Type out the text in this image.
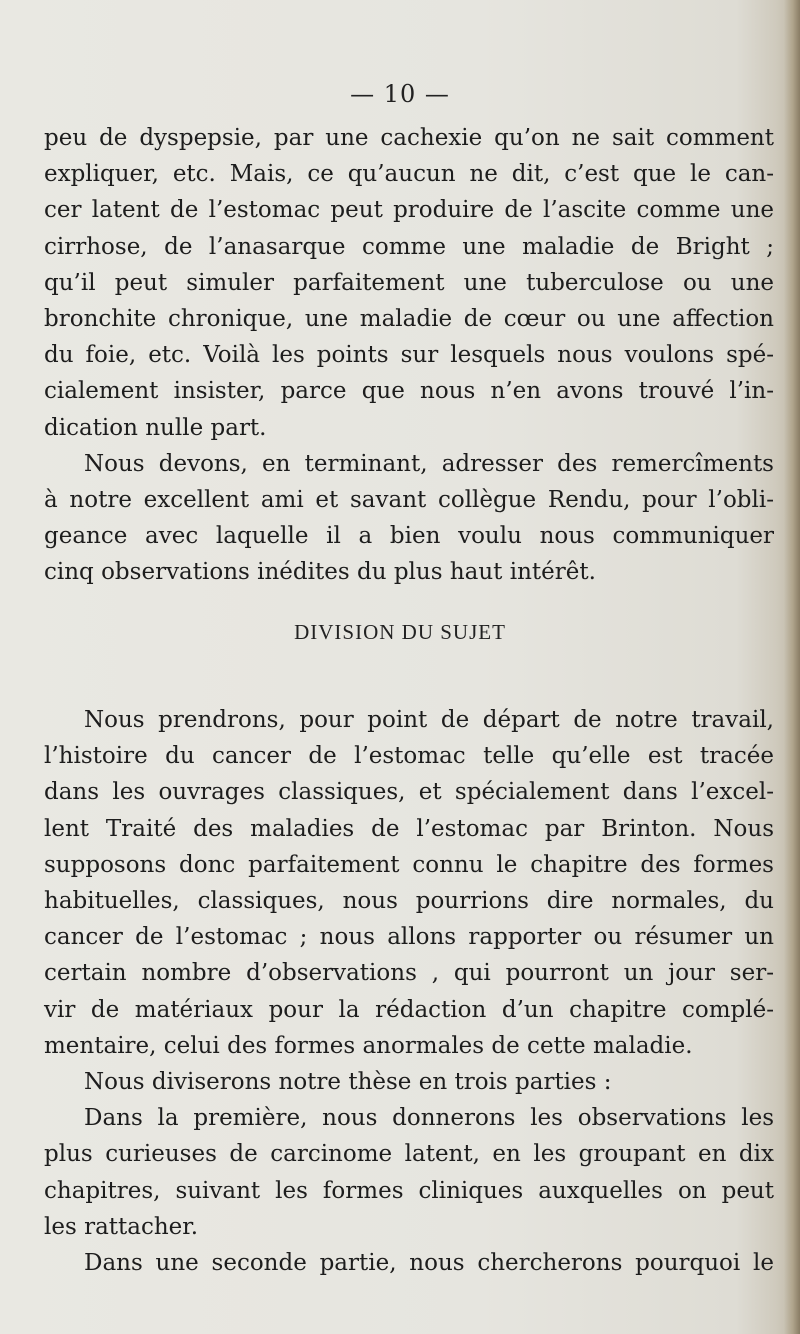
— 10 —
peu de dyspepsie, par une cachexie qu’on ne sait comment
expliquer, etc. Mais, ce qu’aucun ne dit, c’est que le can-
cer latent de l’estomac peut produire de l’ascite comme une
cirrhose, de l’anasarque comme une maladie de Bright ;
qu’il peut simuler parfaitement une tuberculose ou une
bronchite chronique, une maladie de cœur ou une affection
du foie, etc. Voilà les points sur lesquels nous voulons spé-
cialement insister, parce que nous n’en avons trouvé l’in-
dication nulle part.
Nous devons, en terminant, adresser des remercîments
à notre excellent ami et savant collègue Rendu, pour l’obli-
geance avec laquelle il a bien voulu nous communiquer
cinq observations inédites du plus haut intérêt.
DIVISION DU SUJET
Nous prendrons, pour point de départ de notre travail,
l’histoire du cancer de l’estomac telle qu’elle est tracée
dans les ouvrages classiques, et spécialement dans l’excel-
lent Traité des maladies de l’estomac par Brinton. Nous
supposons donc parfaitement connu le chapitre des formes
habituelles, classiques, nous pourrions dire normales, du
cancer de l’estomac ; nous allons rapporter ou résumer un
certain nombre d’observations , qui pourront un jour ser-
vir de matériaux pour la rédaction d’un chapitre complé-
mentaire, celui des formes anormales de cette maladie.
Nous diviserons notre thèse en trois parties :
Dans la première, nous donnerons les observations les
plus curieuses de carcinome latent, en les groupant en dix
chapitres, suivant les formes cliniques auxquelles on peut
les rattacher.
Dans une seconde partie, nous chercherons pourquoi le
